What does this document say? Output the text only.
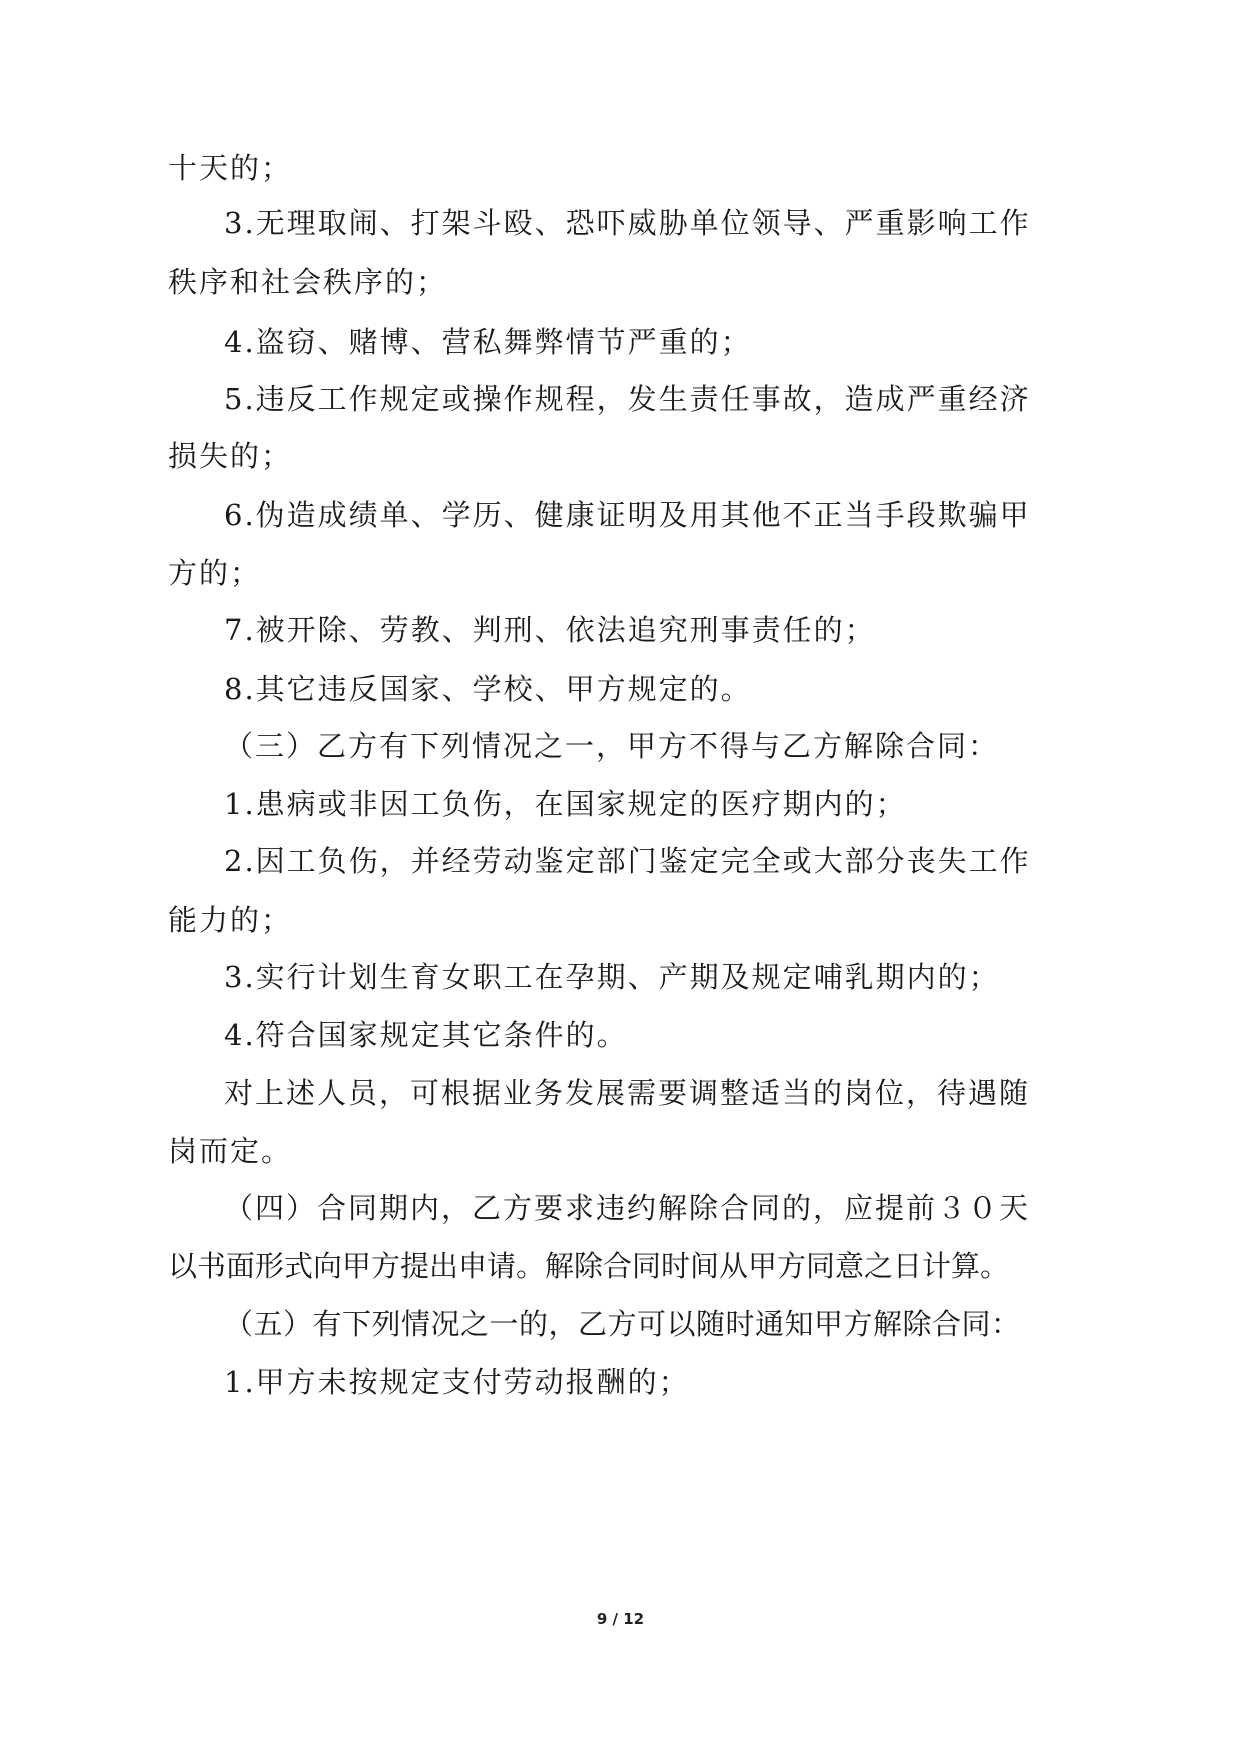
十天的；
3.无理取闹、打架斗殴、恐吓威胁单位领导、严重影响工作
秩序和社会秩序的；
4.盗窃、赌博、营私舞弊情节严重的；
5.违反工作规定或操作规程，发生责任事故，造成严重经济
损失的；
6.伪造成绩单、学历、健康证明及用其他不正当手段欺骗甲
方的；
7.被开除、劳教、判刑、依法追究刑事责任的；
8.其它违反国家、学校、甲方规定的。
（三）乙方有下列情况之一，甲方不得与乙方解除合同：
1.患病或非因工负伤，在国家规定的医疗期内的；
2.因工负伤，并经劳动鉴定部门鉴定完全或大部分丧失工作
能力的；
3.实行计划生育女职工在孕期、产期及规定哺乳期内的；
4.符合国家规定其它条件的。
对上述人员，可根据业务发展需要调整适当的岗位，待遇随
岗而定。
（四）合同期内，乙方要求违约解除合同的，应提前３０天
以书面形式向甲方提出申请。解除合同时间从甲方同意之日计算。
（五）有下列情况之一的，乙方可以随时通知甲方解除合同：
1.甲方未按规定支付劳动报酬的；
9 / 12
